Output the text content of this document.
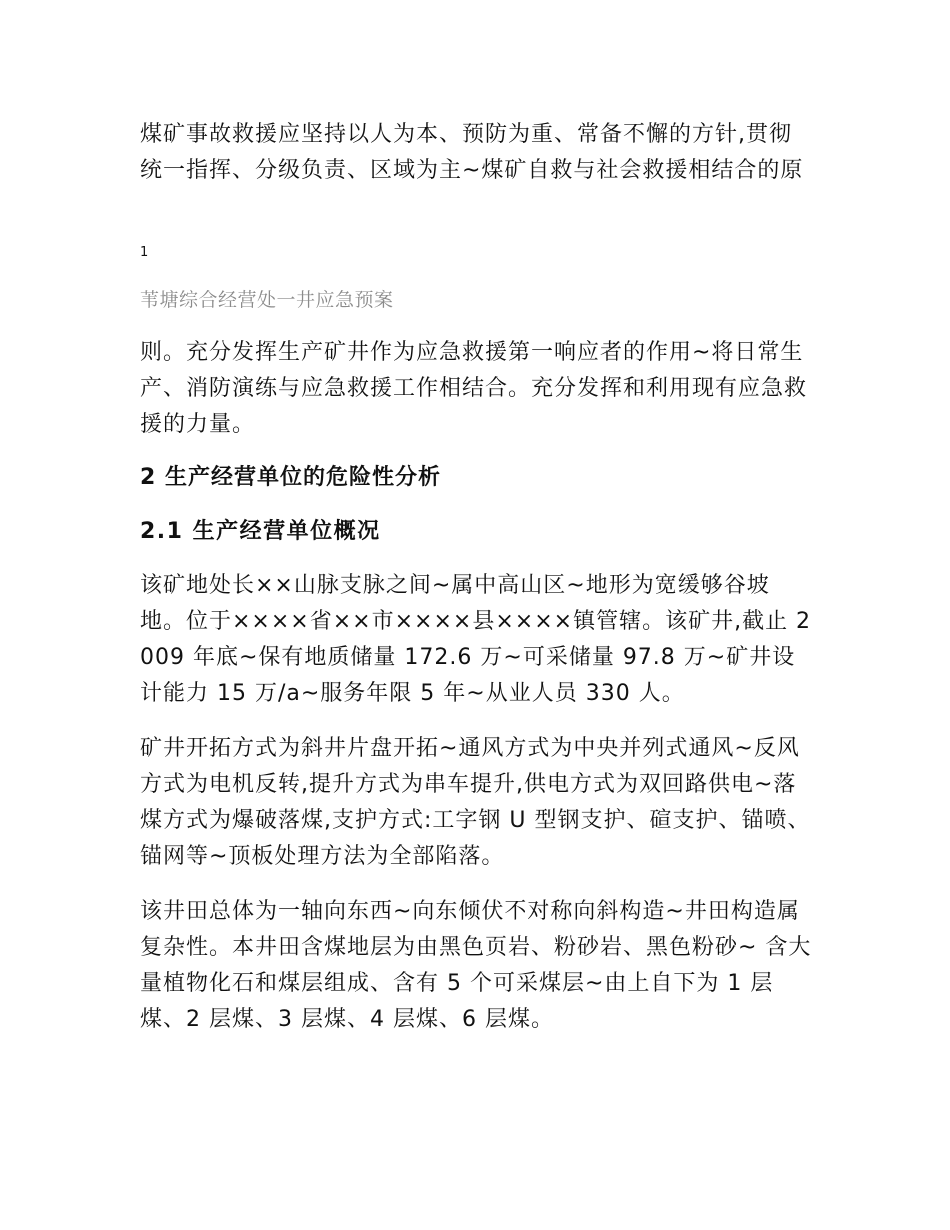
煤矿事故救援应坚持以人为本、预防为重、常备不懈的方针,贯彻统一指挥、分级负责、区域为主~煤矿自救与社会救援相结合的原

1

苇塘综合经营处一井应急预案

则。充分发挥生产矿井作为应急救援第一响应者的作用~将日常生产、消防演练与应急救援工作相结合。充分发挥和利用现有应急救援的力量。

2 生产经营单位的危险性分析
2.1 生产经营单位概况

该矿地处长××山脉支脉之间~属中高山区~地形为宽缓够谷坡地。位于××××省××市××××县××××镇管辖。该矿井,截止 2009 年底~保有地质储量 172.6 万~可采储量 97.8 万~矿井设计能力 15 万/a~服务年限 5 年~从业人员 330 人。

矿井开拓方式为斜井片盘开拓~通风方式为中央并列式通风~反风方式为电机反转,提升方式为串车提升,供电方式为双回路供电~落煤方式为爆破落煤,支护方式:工字钢 U 型钢支护、碹支护、锚喷、锚网等~顶板处理方法为全部陷落。

该井田总体为一轴向东西~向东倾伏不对称向斜构造~井田构造属复杂性。本井田含煤地层为由黑色页岩、粉砂岩、黑色粉砂~ 含大量植物化石和煤层组成、含有 5 个可采煤层~由上自下为 1 层煤、2 层煤、3 层煤、4 层煤、6 层煤。
